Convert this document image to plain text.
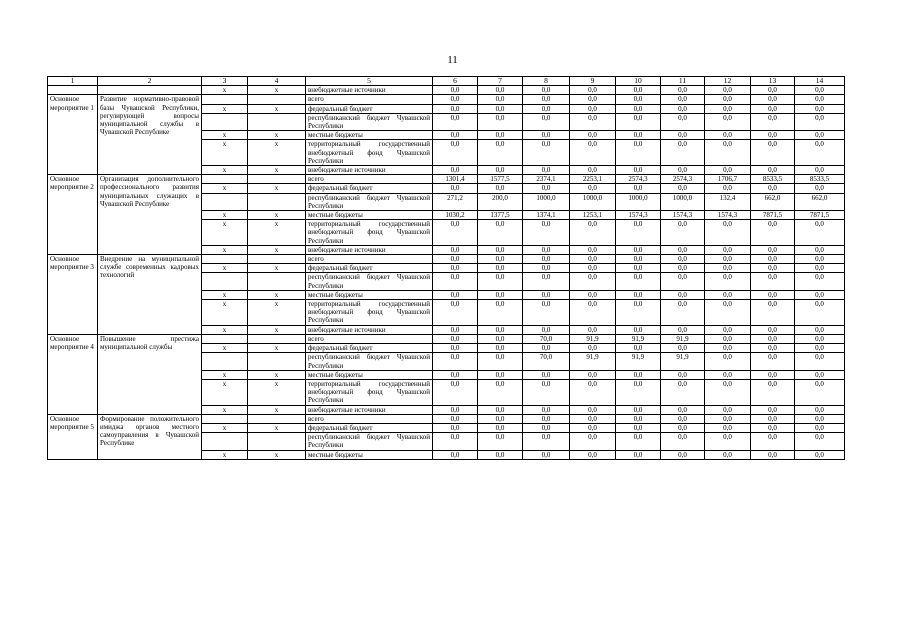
11
1	2	3	4	5	6	7	8	9	10	11	12	13	14
		х	х	внебюджетные источники	0,0	0,0	0,0	0,0	0,0	0,0	0,0	0,0	0,0
Основное мероприятие 1	Развитие нормативно-правовой базы Чувашской Республики, регулирующей вопросы муниципальной службы в Чувашской Республике			всего	0,0	0,0	0,0	0,0	0,0	0,0	0,0	0,0	0,0
		х	х	федеральный бюджет	0,0	0,0	0,0	0,0	0,0	0,0	0,0	0,0	0,0
				республиканский бюджет Чувашской Республики	0,0	0,0	0,0	0,0	0,0	0,0	0,0	0,0	0,0
		х	х	местные бюджеты	0,0	0,0	0,0	0,0	0,0	0,0	0,0	0,0	0,0
		х	х	территориальный государственный внебюджетный фонд Чувашской Республики	0,0	0,0	0,0	0,0	0,0	0,0	0,0	0,0	0,0
		х	х	внебюджетные источники	0,0	0,0	0,0	0,0	0,0	0,0	0,0	0,0	0,0
Основное мероприятие 2	Организация дополнительного профессионального развития муниципальных служащих в Чувашской Республике			всего	1301,4	1577,5	2374,1	2253,1	2574,3	2574,3	1706,7	8533,5	8533,5
		х	х	федеральный бюджет	0,0	0,0	0,0	0,0	0,0	0,0	0,0	0,0	0,0
				республиканский бюджет Чувашской Республики	271,2	200,0	1000,0	1000,0	1000,0	1000,0	132,4	662,0	662,0
		х	х	местные бюджеты	1030,2	1377,5	1374,1	1253,1	1574,3	1574,3	1574,3	7871,5	7871,5
		х	х	территориальный государственный внебюджетный фонд Чувашской Республики	0,0	0,0	0,0	0,0	0,0	0,0	0,0	0,0	0,0
		х	х	внебюджетные источники	0,0	0,0	0,0	0,0	0,0	0,0	0,0	0,0	0,0
Основное мероприятие 3	Внедрение на муниципальной службе современных кадровых технологий			всего	0,0	0,0	0,0	0,0	0,0	0,0	0,0	0,0	0,0
		х	х	федеральный бюджет	0,0	0,0	0,0	0,0	0,0	0,0	0,0	0,0	0,0
				республиканский бюджет Чувашской Республики	0,0	0,0	0,0	0,0	0,0	0,0	0,0	0,0	0,0
		х	х	местные бюджеты	0,0	0,0	0,0	0,0	0,0	0,0	0,0	0,0	0,0
		х	х	территориальный государственный внебюджетный фонд Чувашской Республики	0,0	0,0	0,0	0,0	0,0	0,0	0,0	0,0	0,0
		х	х	внебюджетные источники	0,0	0,0	0,0	0,0	0,0	0,0	0,0	0,0	0,0
Основное мероприятие 4	Повышение престижа муниципальной службы			всего	0,0	0,0	70,0	91,9	91,9	91,9	0,0	0,0	0,0
		х	х	федеральный бюджет	0,0	0,0	0,0	0,0	0,0	0,0	0,0	0,0	0,0
				республиканский бюджет Чувашской Республики	0,0	0,0	70,0	91,9	91,9	91,9	0,0	0,0	0,0
		х	х	местные бюджеты	0,0	0,0	0,0	0,0	0,0	0,0	0,0	0,0	0,0
		х	х	территориальный государственный внебюджетный фонд Чувашской Республики	0,0	0,0	0,0	0,0	0,0	0,0	0,0	0,0	0,0
		х	х	внебюджетные источники	0,0	0,0	0,0	0,0	0,0	0,0	0,0	0,0	0,0
Основное мероприятие 5	Формирование положительного имиджа органов местного самоуправления в Чувашской Республике			всего	0,0	0,0	0,0	0,0	0,0	0,0	0,0	0,0	0,0
		х	х	федеральный бюджет	0,0	0,0	0,0	0,0	0,0	0,0	0,0	0,0	0,0
				республиканский бюджет Чувашской Республики	0,0	0,0	0,0	0,0	0,0	0,0	0,0	0,0	0,0
		х	х	местные бюджеты	0,0	0,0	0,0	0,0	0,0	0,0	0,0	0,0	0,0
